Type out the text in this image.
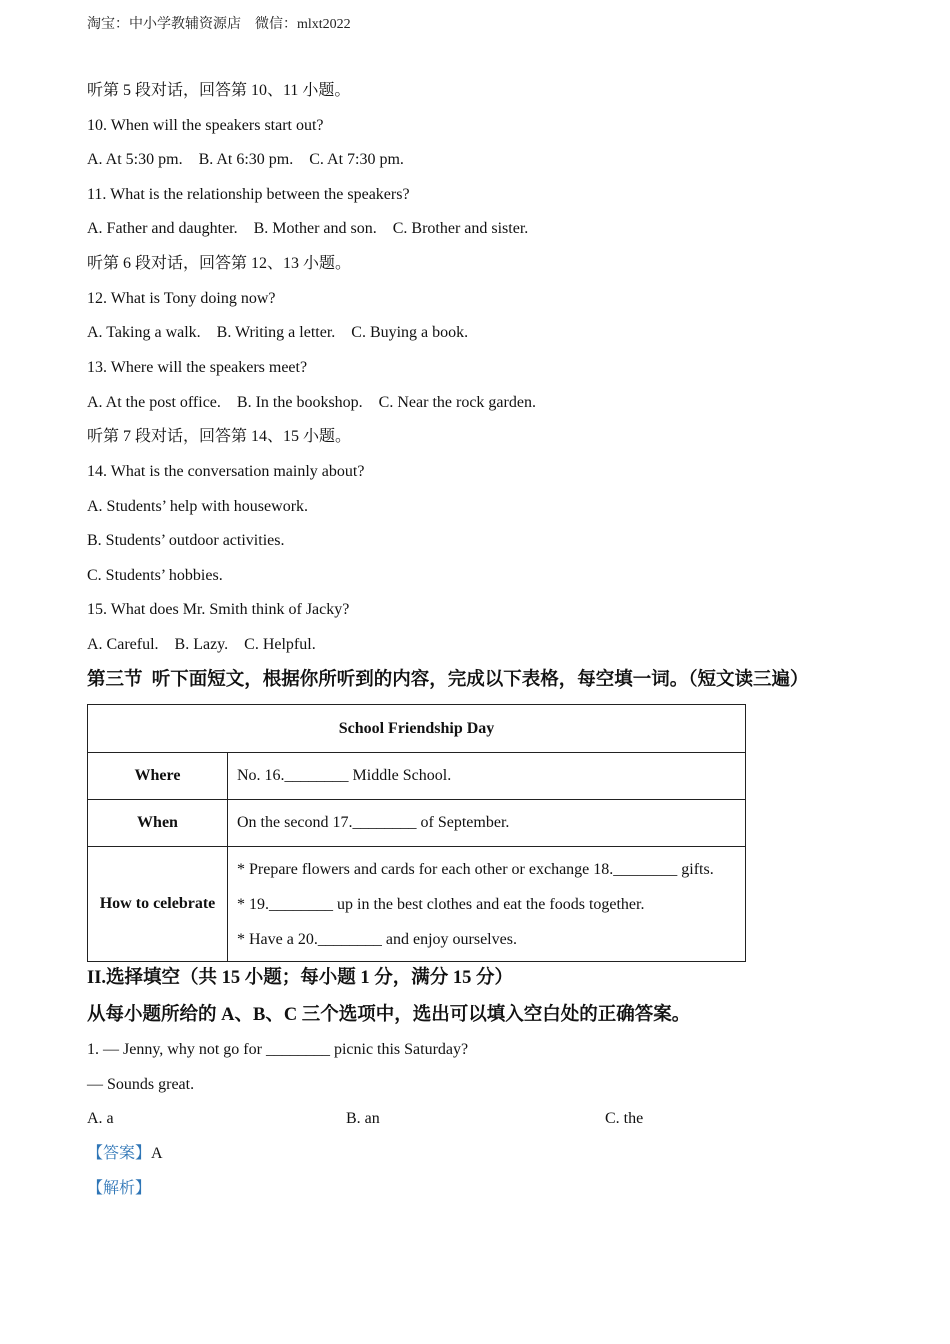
淘宝：中小学教辅资源店    微信：mlxt2022
听第 5 段对话，回答第 10、11 小题。
10. When will the speakers start out?
A. At 5:30 pm.    B. At 6:30 pm.    C. At 7:30 pm.
11. What is the relationship between the speakers?
A. Father and daughter.    B. Mother and son.    C. Brother and sister.
听第 6 段对话，回答第 12、13 小题。
12. What is Tony doing now?
A. Taking a walk.    B. Writing a letter.    C. Buying a book.
13. Where will the speakers meet?
A. At the post office.    B. In the bookshop.    C. Near the rock garden.
听第 7 段对话，回答第 14、15 小题。
14. What is the conversation mainly about?
A. Students’ help with housework.
B. Students’ outdoor activities.
C. Students’ hobbies.
15. What does Mr. Smith think of Jacky?
A. Careful.    B. Lazy.    C. Helpful.
第三节  听下面短文，根据你所听到的内容，完成以下表格，每空填一词。（短文读三遍）
School Friendship Day	
Where	No. 16.________ Middle School.
When	On the second 17.________ of September.
How to celebrate	* Prepare flowers and cards for each other or exchange 18.________ gifts.
* 19.________ up in the best clothes and eat the foods together.
* Have a 20.________ and enjoy ourselves.
II.选择填空（共 15 小题；每小题 1 分，满分 15 分）
从每小题所给的 A、B、C 三个选项中，选出可以填入空白处的正确答案。
1. — Jenny, why not go for ________ picnic this Saturday?
— Sounds great.
A. a	B. an	C. the
【答案】A
【解析】
